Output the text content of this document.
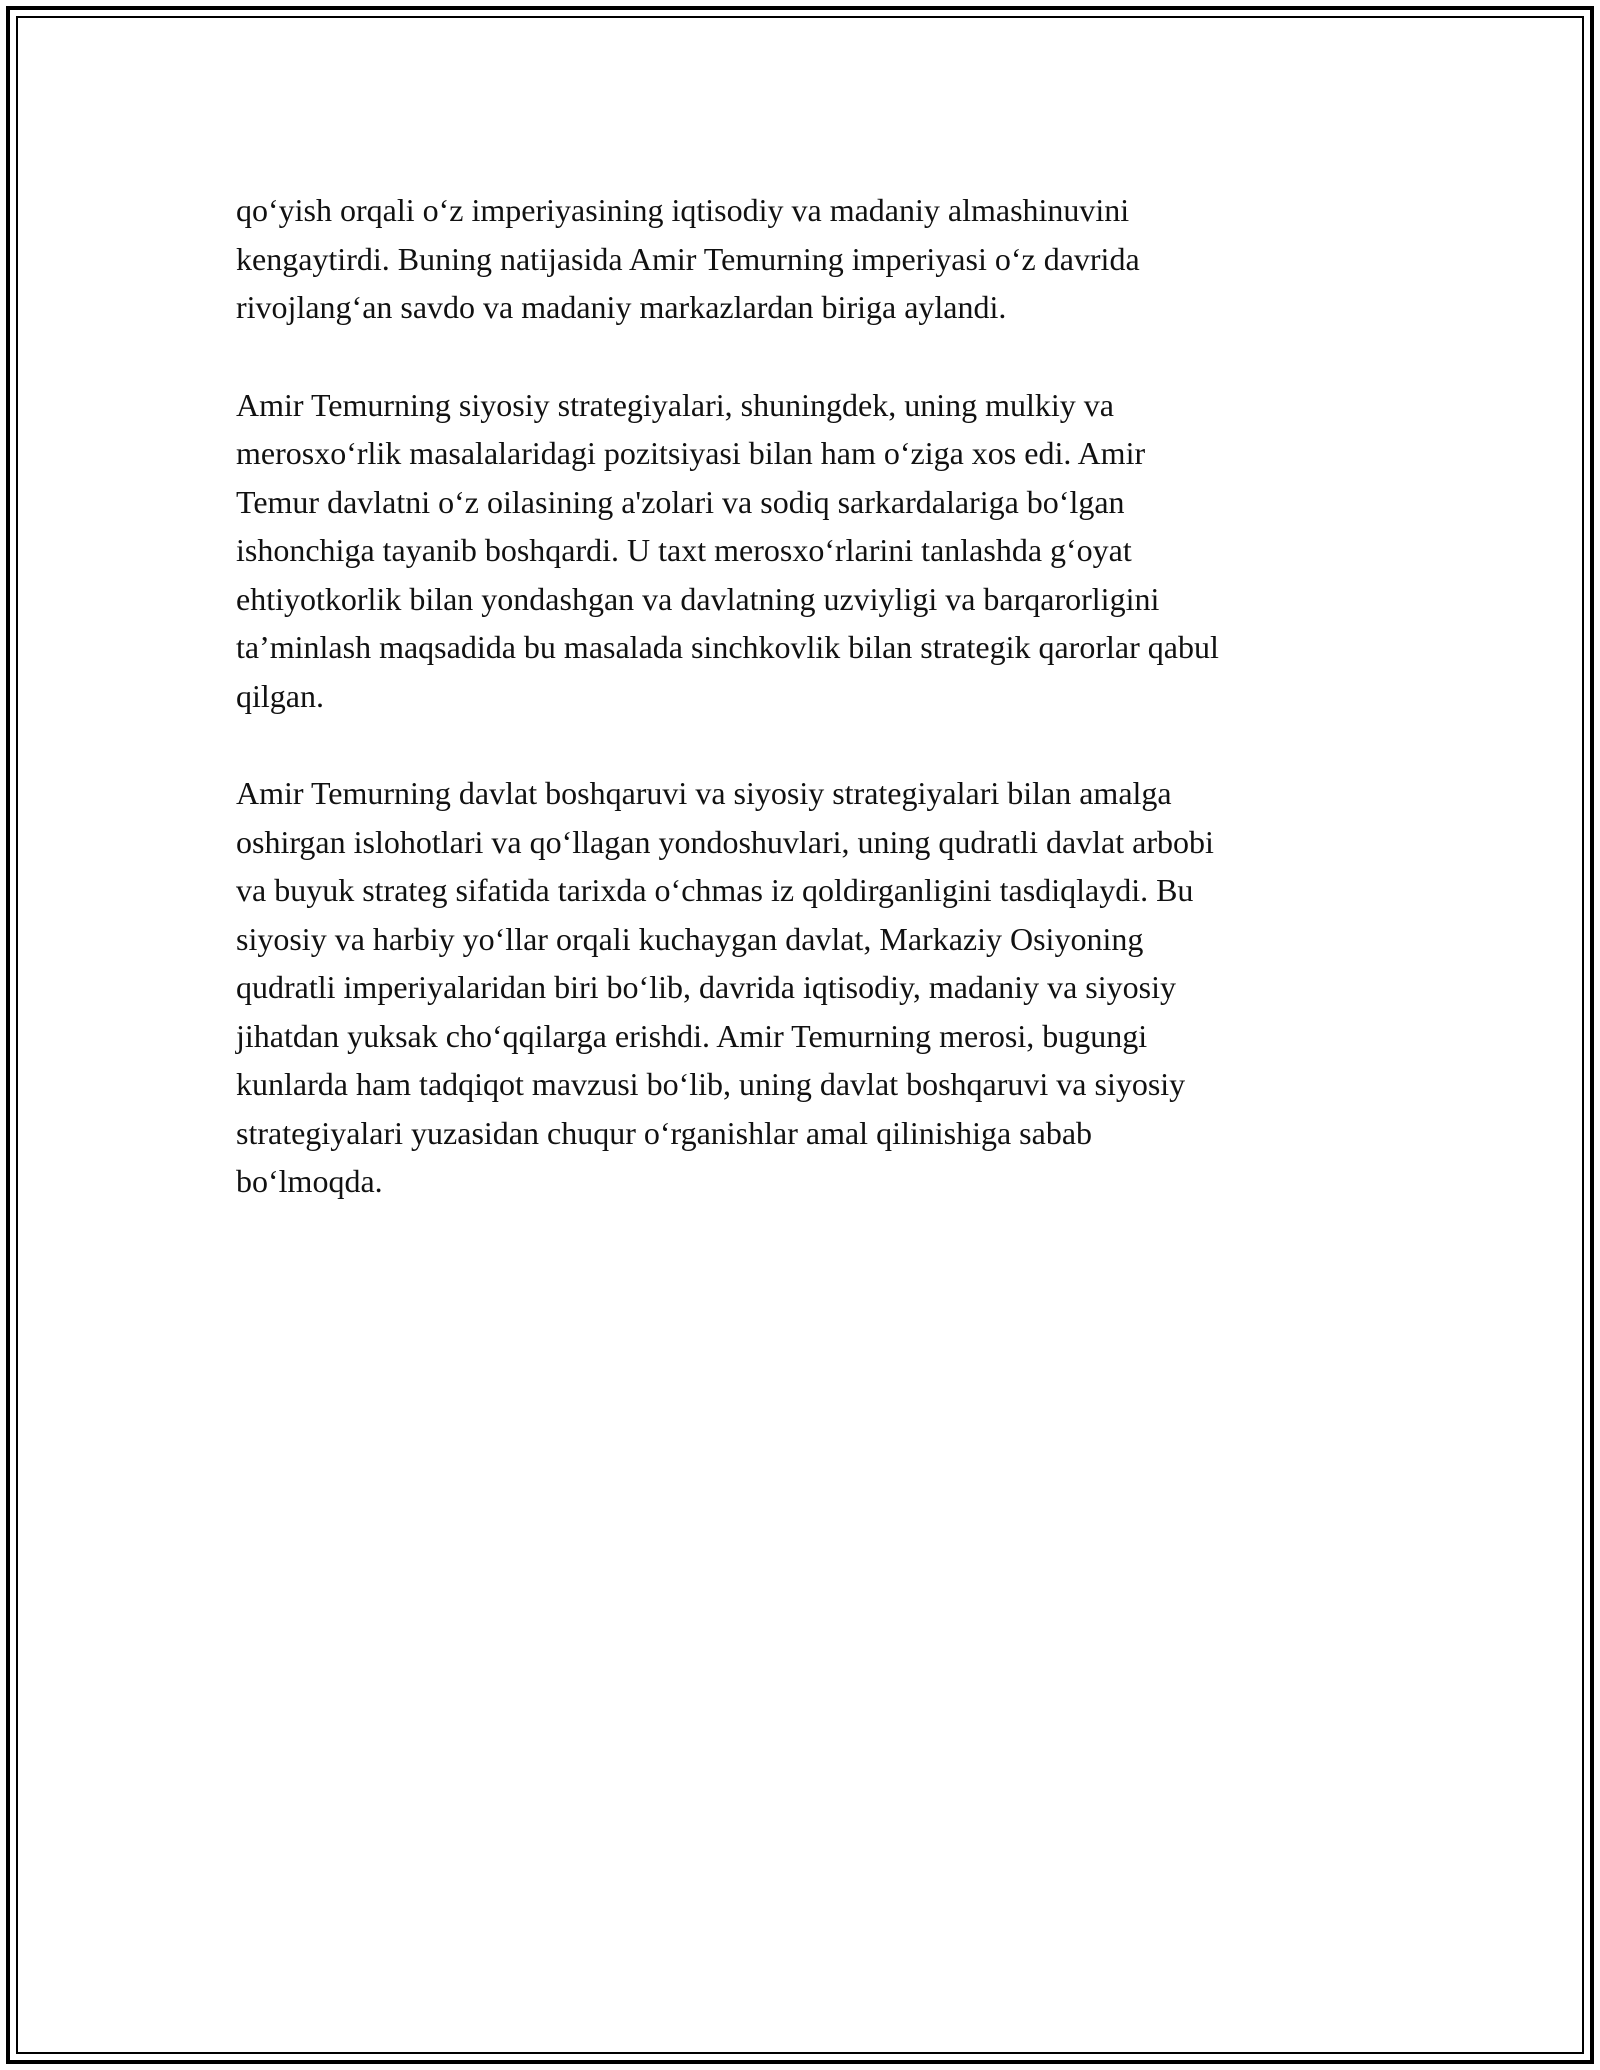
qo‘yish orqali o‘z imperiyasining iqtisodiy va madaniy almashinuvini
kengaytirdi. Buning natijasida Amir Temurning imperiyasi o‘z davrida
rivojlang‘an savdo va madaniy markazlardan biriga aylandi.

Amir Temurning siyosiy strategiyalari, shuningdek, uning mulkiy va
merosxo‘rlik masalalaridagi pozitsiyasi bilan ham o‘ziga xos edi. Amir
Temur davlatni o‘z oilasining a'zolari va sodiq sarkardalariga bo‘lgan
ishonchiga tayanib boshqardi. U taxt merosxo‘rlarini tanlashda g‘oyat
ehtiyotkorlik bilan yondashgan va davlatning uzviyligi va barqarorligini
ta’minlash maqsadida bu masalada sinchkovlik bilan strategik qarorlar qabul
qilgan.

Amir Temurning davlat boshqaruvi va siyosiy strategiyalari bilan amalga
oshirgan islohotlari va qo‘llagan yondoshuvlari, uning qudratli davlat arbobi
va buyuk strateg sifatida tarixda o‘chmas iz qoldirganligini tasdiqlaydi. Bu
siyosiy va harbiy yo‘llar orqali kuchaygan davlat, Markaziy Osiyoning
qudratli imperiyalaridan biri bo‘lib, davrida iqtisodiy, madaniy va siyosiy
jihatdan yuksak cho‘qqilarga erishdi. Amir Temurning merosi, bugungi
kunlarda ham tadqiqot mavzusi bo‘lib, uning davlat boshqaruvi va siyosiy
strategiyalari yuzasidan chuqur o‘rganishlar amal qilinishiga sabab
bo‘lmoqda.
